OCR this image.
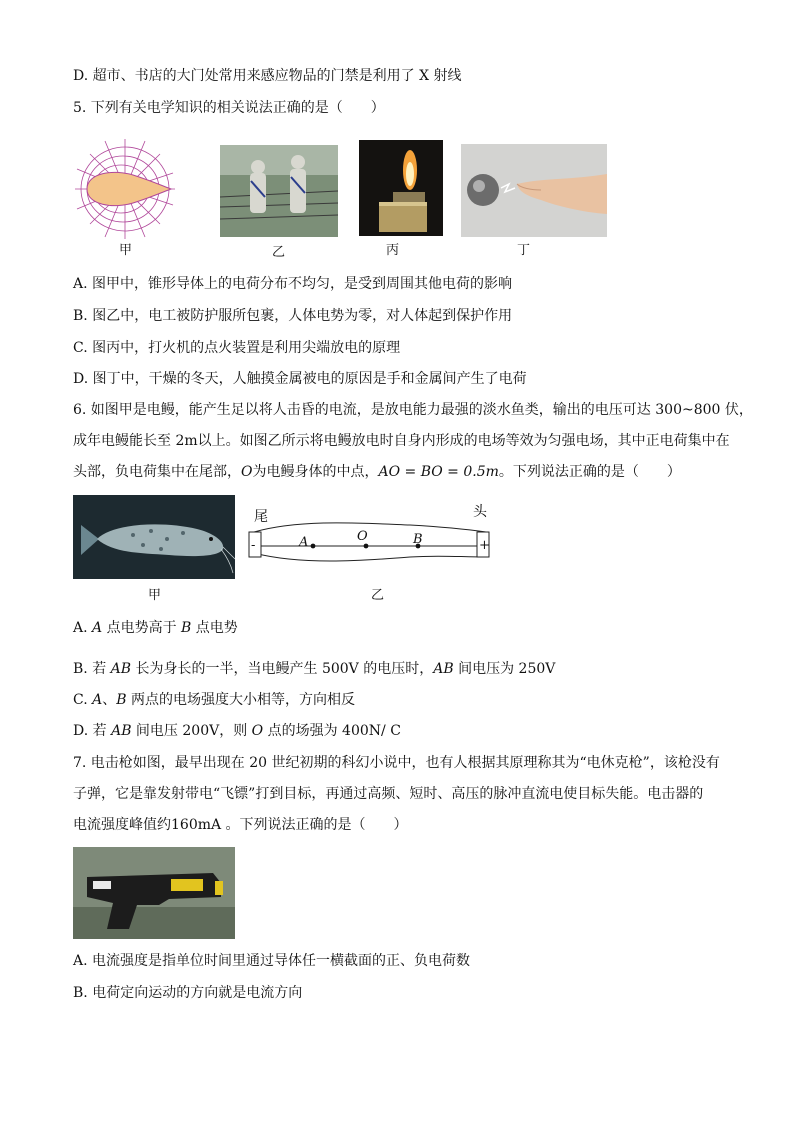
D. 超市、书店的大门处常用来感应物品的门禁是利用了 X 射线
5. 下列有关电学知识的相关说法正确的是（　　）
甲	乙	丙	丁
A. 图甲中，锥形导体上的电荷分布不均匀，是受到周围其他电荷的影响
B. 图乙中，电工被防护服所包裹，人体电势为零，对人体起到保护作用
C. 图丙中，打火机的点火装置是利用尖端放电的原理
D. 图丁中，干燥的冬天，人触摸金属被电的原因是手和金属间产生了电荷
6. 如图甲是电鳗，能产生足以将人击昏的电流，是放电能力最强的淡水鱼类，输出的电压可达 300~800 伏，
成年电鳗能长至 2m以上。如图乙所示将电鳗放电时自身内形成的电场等效为匀强电场，其中正电荷集中在
头部，负电荷集中在尾部，O为电鳗身体的中点，AO = BO = 0.5m。下列说法正确的是（　　）
甲
尾	头
-	+
A	O	B
乙
A. A 点电势高于 B 点电势
B. 若 AB 长为身长的一半，当电鳗产生 500V 的电压时，AB 间电压为 250V
C. A、B 两点的电场强度大小相等，方向相反
D. 若 AB 间电压 200V，则 O 点的场强为 400N/ C
7. 电击枪如图，最早出现在 20 世纪初期的科幻小说中，也有人根据其原理称其为“电休克枪”，该枪没有
子弹，它是靠发射带电“飞镖”打到目标，再通过高频、短时、高压的脉冲直流电使目标失能。电击器的
电流强度峰值约160mA 。下列说法正确的是（　　）
A. 电流强度是指单位时间里通过导体任一横截面的正、负电荷数
B. 电荷定向运动的方向就是电流方向
